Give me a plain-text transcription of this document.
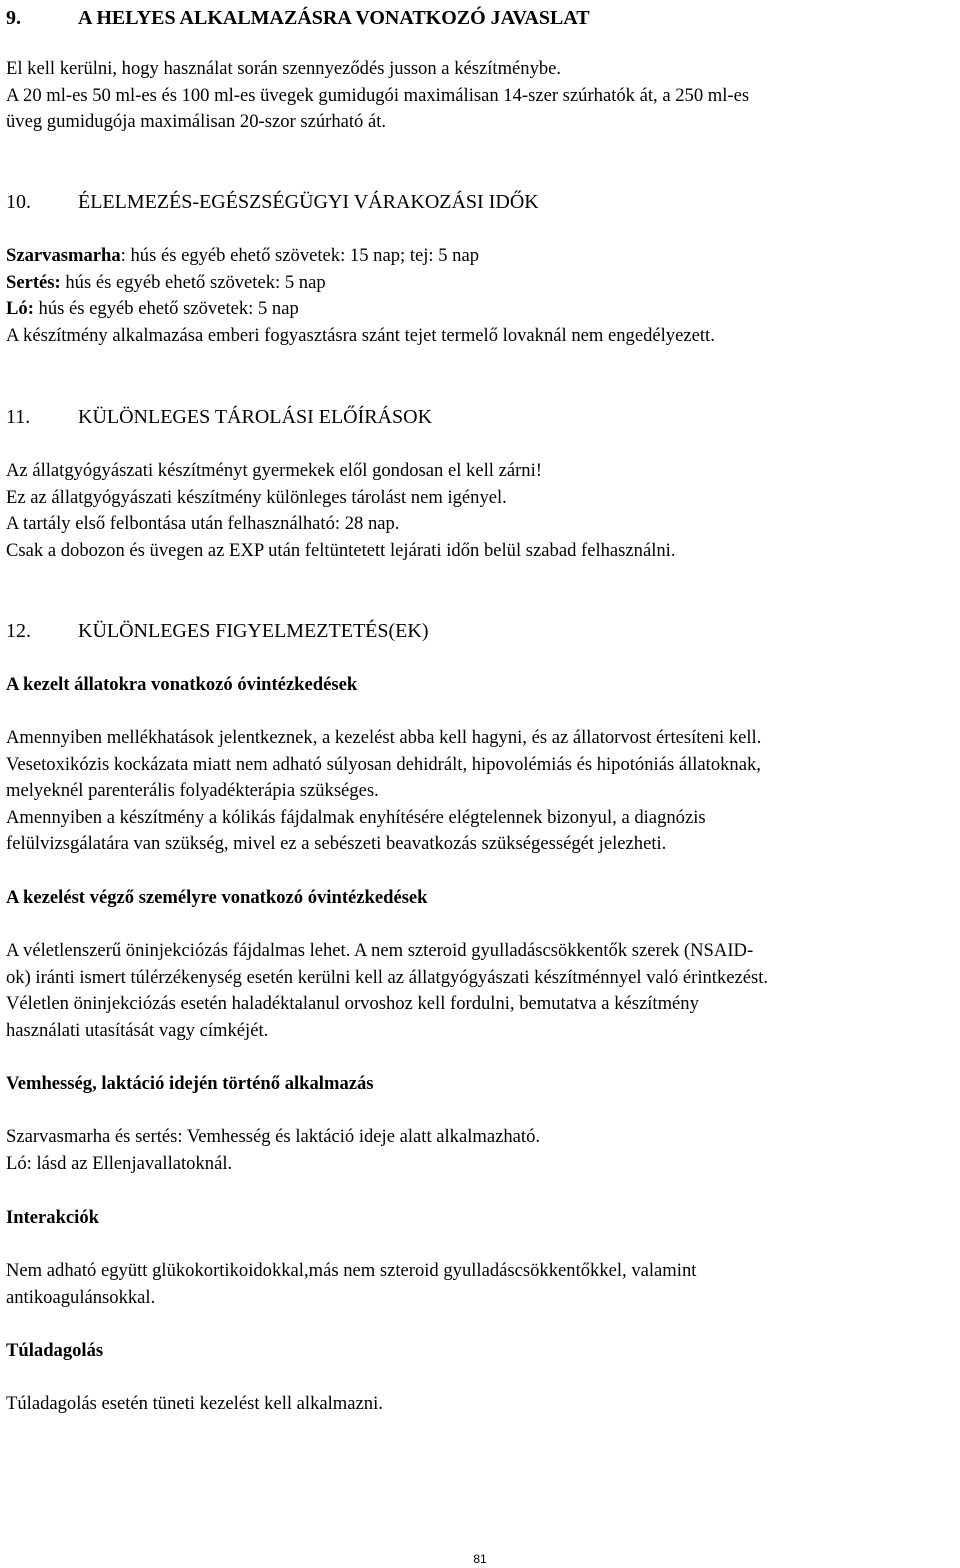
9.	A HELYES ALKALMAZÁSRA VONATKOZÓ JAVASLAT

El kell kerülni, hogy használat során szennyeződés jusson a készítménybe.

A 20 ml-es 50 ml-es és 100 ml-es üvegek gumidugói maximálisan 14-szer szúrhatók át, a 250 ml-es

üveg gumidugója maximálisan 20-szor szúrható át.

10. ÉLELMEZÉS-EGÉSZSÉGÜGYI VÁRAKOZÁSI IDŐK

Szarvasmarha: hús és egyéb ehető szövetek: 15 nap; tej: 5 nap

Sertés: hús és egyéb ehető szövetek: 5 nap

Ló: hús és egyéb ehető szövetek: 5 nap

A készítmény alkalmazása emberi fogyasztásra szánt tejet termelő lovaknál nem engedélyezett.

11. KÜLÖNLEGES TÁROLÁSI ELŐÍRÁSOK

Az állatgyógyászati készítményt gyermekek elől gondosan el kell zárni!

Ez az állatgyógyászati készítmény különleges tárolást nem igényel.

A tartály első felbontása után felhasználható: 28 nap.

Csak a dobozon és üvegen az EXP után feltüntetett lejárati időn belül szabad felhasználni.

12. KÜLÖNLEGES FIGYELMEZTETÉS(EK)
A kezelt állatokra vonatkozó óvintézkedések

Amennyiben mellékhatások jelentkeznek, a kezelést abba kell hagyni, és az állatorvost értesíteni kell.

Vesetoxikózis kockázata miatt nem adható súlyosan dehidrált, hipovolémiás és hipotóniás állatoknak,

melyeknél parenterális folyadékterápia szükséges.

Amennyiben a készítmény a kólikás fájdalmak enyhítésére elégtelennek bizonyul, a diagnózis

felülvizsgálatára van szükség, mivel ez a sebészeti beavatkozás szükségességét jelezheti.

A kezelést végző személyre vonatkozó óvintézkedések

A véletlenszerű öninjekciózás fájdalmas lehet. A nem szteroid gyulladáscsökkentők szerek (NSAID-

ok) iránti ismert túlérzékenység esetén kerülni kell az állatgyógyászati készítménnyel való érintkezést.

Véletlen öninjekciózás esetén haladéktalanul orvoshoz kell fordulni, bemutatva a készítmény

használati utasítását vagy címkéjét.

Vemhesség, laktáció idején történő alkalmazás

Szarvasmarha és sertés: Vemhesség és laktáció ideje alatt alkalmazható.

Ló: lásd az Ellenjavallatoknál.

Interakciók

Nem adható együtt glükokortikoidokkal,más nem szteroid gyulladáscsökkentőkkel, valamint

antikoagulánsokkal.

Túladagolás

Túladagolás esetén tüneti kezelést kell alkalmazni.

81
